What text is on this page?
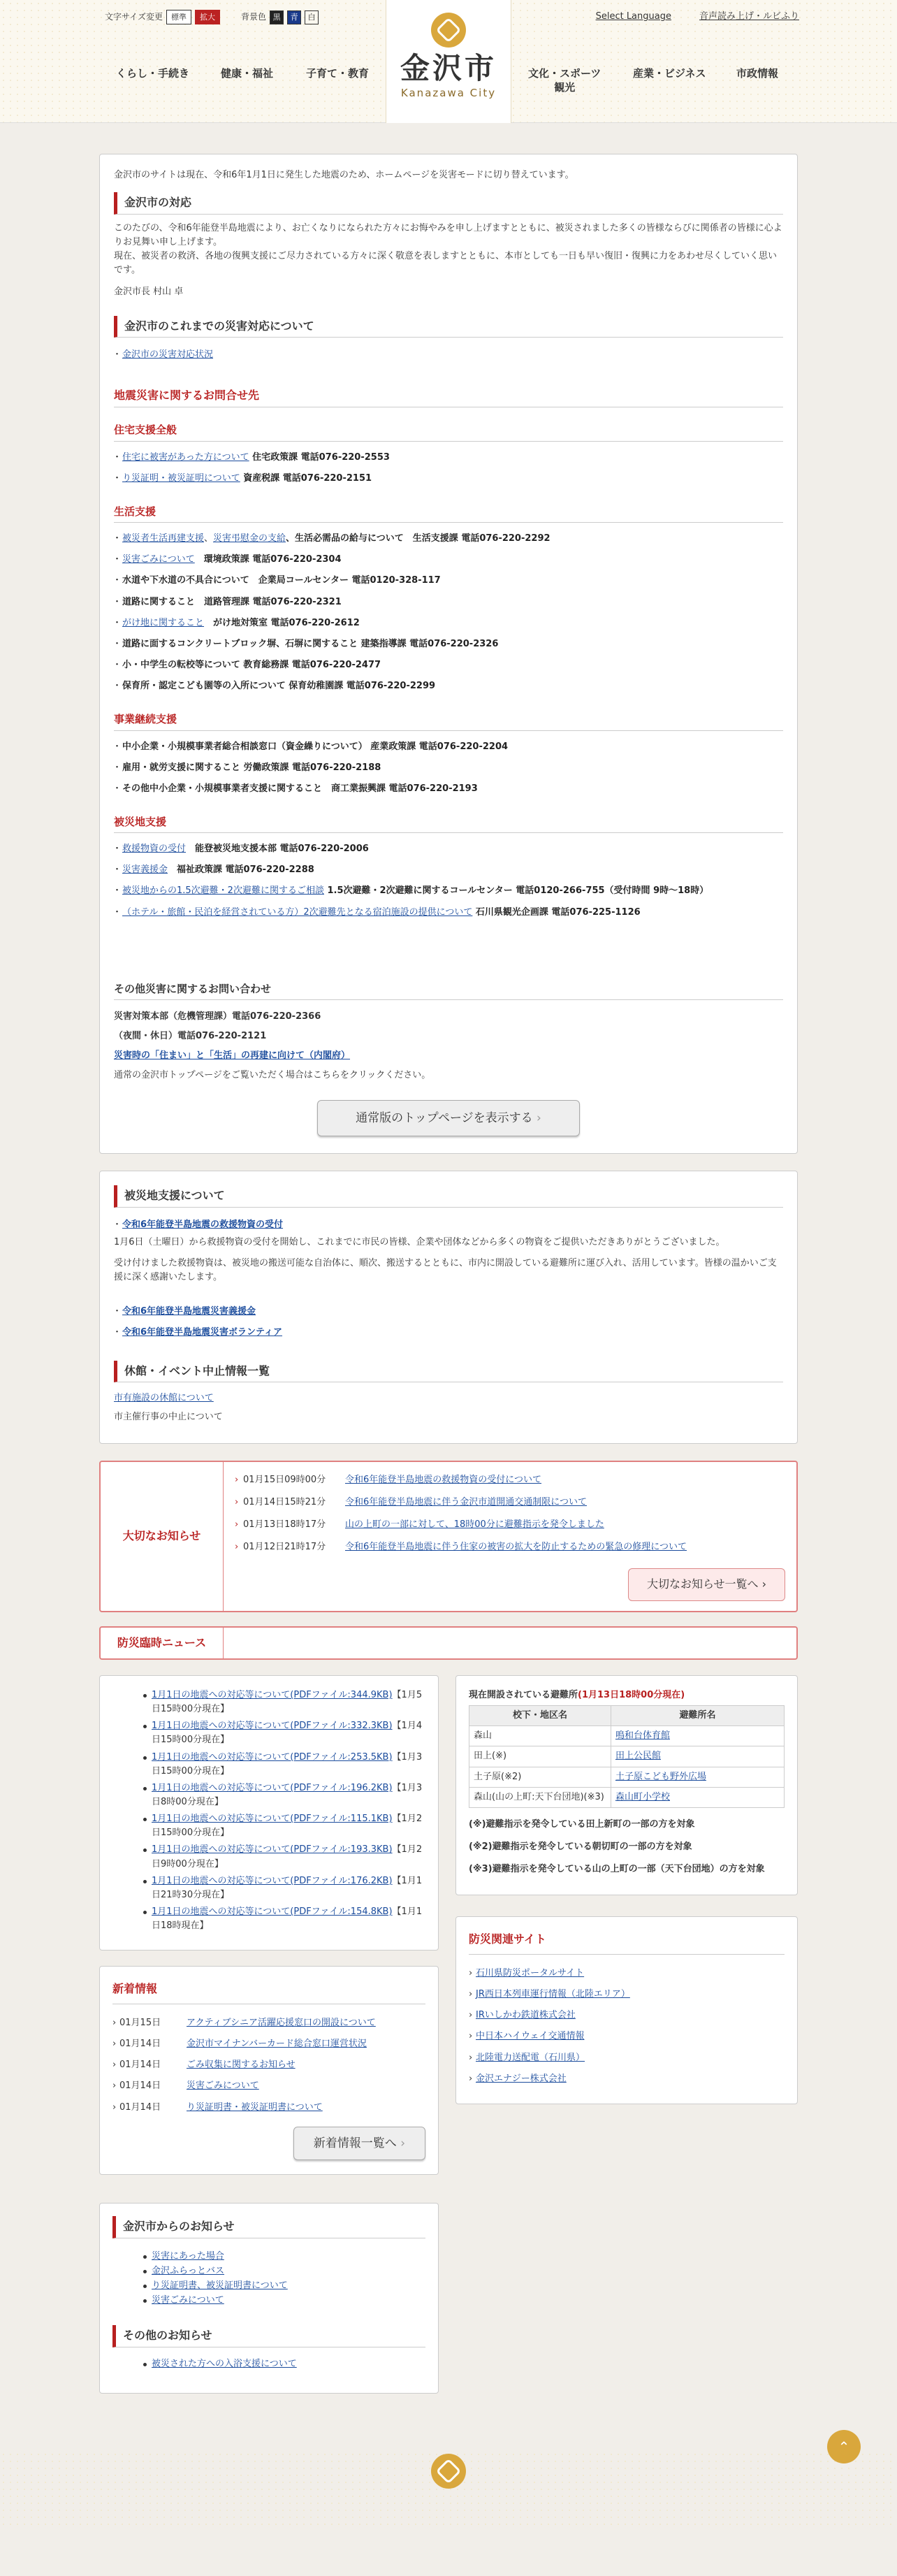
文字サイズ変更	標準	拡大	背景色 黒	青	白	Select Language	音声読み上げ・ルビふり
金沢市
Kanazawa City
くらし・手続き	健康・福祉	子育て・教育	文化・スポーツ
観光
産業・ビジネス	市政情報

金沢市のサイトは現在、令和6年1月1日に発生した地震のため、ホームページを災害モードに切り替えています。

金沢市の対応

このたびの、令和6年能登半島地震により、お亡くなりになられた方々にお悔やみを申し上げますとともに、被災されました多くの皆様ならびに関係者の皆様に心よりお見舞い申し上げます。

現在、被災者の救済、各地の復興支援にご尽力されている方々に深く敬意を表しますとともに、本市としても一日も早い復旧・復興に力をあわせ尽くしていく思いです。

金沢市長 村山 卓

金沢市のこれまでの災害対応について
・ 金沢市の災害対応状況
地震災害に関するお問合せ先
住宅支援全般
・ 住宅に被害があった方について 住宅政策課 電話076-220-2553
・ り災証明・被災証明について 資産税課 電話076-220-2151
生活支援
・ 被災者生活再建支援、災害弔慰金の支給、生活必需品の給与について　生活支援課 電話076-220-2292
・ 災害ごみについて　環境政策課 電話076-220-2304
・ 水道や下水道の不具合について　企業局コールセンター 電話0120-328-117
・ 道路に関すること　道路管理課 電話076-220-2321
・ がけ地に関すること　がけ地対策室 電話076-220-2612
・ 道路に面するコンクリートブロック塀、石塀に関すること 建築指導課 電話076-220-2326
・ 小・中学生の転校等について 教育総務課 電話076-220-2477
・ 保育所・認定こども園等の入所について 保育幼稚園課 電話076-220-2299
事業継続支援
・ 中小企業・小規模事業者総合相談窓口（資金繰りについて） 産業政策課 電話076-220-2204
・ 雇用・就労支援に関すること 労働政策課 電話076-220-2188
・ その他中小企業・小規模事業者支援に関すること　商工業振興課 電話076-220-2193
被災地支援
・ 救援物資の受付　能登被災地支援本部 電話076-220-2006
・ 災害義援金　福祉政策課 電話076-220-2288
・ 被災地からの1.5次避難・2次避難に関するご相談 1.5次避難・2次避難に関するコールセンター 電話0120-266-755（受付時間 9時〜18時）
・ （ホテル・旅館・民泊を経営されている方）2次避難先となる宿泊施設の提供について 石川県観光企画課 電話076-225-1126
その他災害に関するお問い合わせ

災害対策本部（危機管理課）電話076-220-2366

（夜間・休日）電話076-220-2121

災害時の「住まい」と「生活」の再建に向けて（内閣府）

通常の金沢市トップページをご覧いただく場合はこちらをクリックください。

通常版のトップページを表示する ›
被災地支援について
・ 令和6年能登半島地震の救援物資の受付

1月6日（土曜日）から救援物資の受付を開始し、これまでに市民の皆様、企業や団体などから多くの物資をご提供いただきありがとうございました。

受け付けました救援物資は、被災地の搬送可能な自治体に、順次、搬送するとともに、市内に開設している避難所に運び入れ、活用しています。皆様の温かいご支援に深く感謝いたします。

・ 令和6年能登半島地震災害義援金
・ 令和6年能登半島地震災害ボランティア
休館・イベント中止情報一覧

市有施設の休館について

市主催行事の中止について

大切なお知らせ
› 01月15日09時00分 令和6年能登半島地震の救援物資の受付について
› 01月14日15時21分 令和6年能登半島地震に伴う金沢市道開通交通制限について
› 01月13日18時17分 山の上町の一部に対して、18時00分に避難指示を発令しました
› 01月12日21時17分 令和6年能登半島地震に伴う住家の被害の拡大を防止するための緊急の修理について
大切なお知らせ一覧へ ›
防災臨時ニュース
1月1日の地震への対応等について(PDFファイル:344.9KB)【1月5日15時00分現在】
1月1日の地震への対応等について(PDFファイル:332.3KB)【1月4日15時00分現在】
1月1日の地震への対応等について(PDFファイル:253.5KB)【1月3日15時00分現在】
1月1日の地震への対応等について(PDFファイル:196.2KB)【1月3日8時00分現在】
1月1日の地震への対応等について(PDFファイル:115.1KB)【1月2日15時00分現在】
1月1日の地震への対応等について(PDFファイル:193.3KB)【1月2日9時00分現在】
1月1日の地震への対応等について(PDFファイル:176.2KB)【1月1日21時30分現在】
1月1日の地震への対応等について(PDFファイル:154.8KB)【1月1日18時現在】
新着情報
› 01月15日	アクティブシニア活躍応援窓口の開設について
› 01月14日	金沢市マイナンバーカード総合窓口運営状況
› 01月14日	ごみ収集に関するお知らせ
› 01月14日	災害ごみについて
› 01月14日	り災証明書・被災証明書について
新着情報一覧へ ›
金沢市からのお知らせ
災害にあった場合
金沢ふらっとバス
り災証明書、被災証明書について
災害ごみについて
その他のお知らせ
被災された方への入浴支援について

現在開設されている避難所(1月13日18時00分現在)

校下・地区名	避難所名
森山	鳴和台体育館
田上(※)	田上公民館
土子原(※2)	土子原こども野外広場
森山(山の上町:天下台団地)(※3)	森山町小学校

(※)避難指示を発令している田上新町の一部の方を対象

(※2)避難指示を発令している朝切町の一部の方を対象

(※3)避難指示を発令している山の上町の一部（天下台団地）の方を対象

防災関連サイト
› 石川県防災ポータルサイト
› JR西日本列車運行情報（北陸エリア）
› IRいしかわ鉄道株式会社
› 中日本ハイウェイ交通情報
› 北陸電力送配電（石川県）
› 金沢エナジー株式会社
⌃
